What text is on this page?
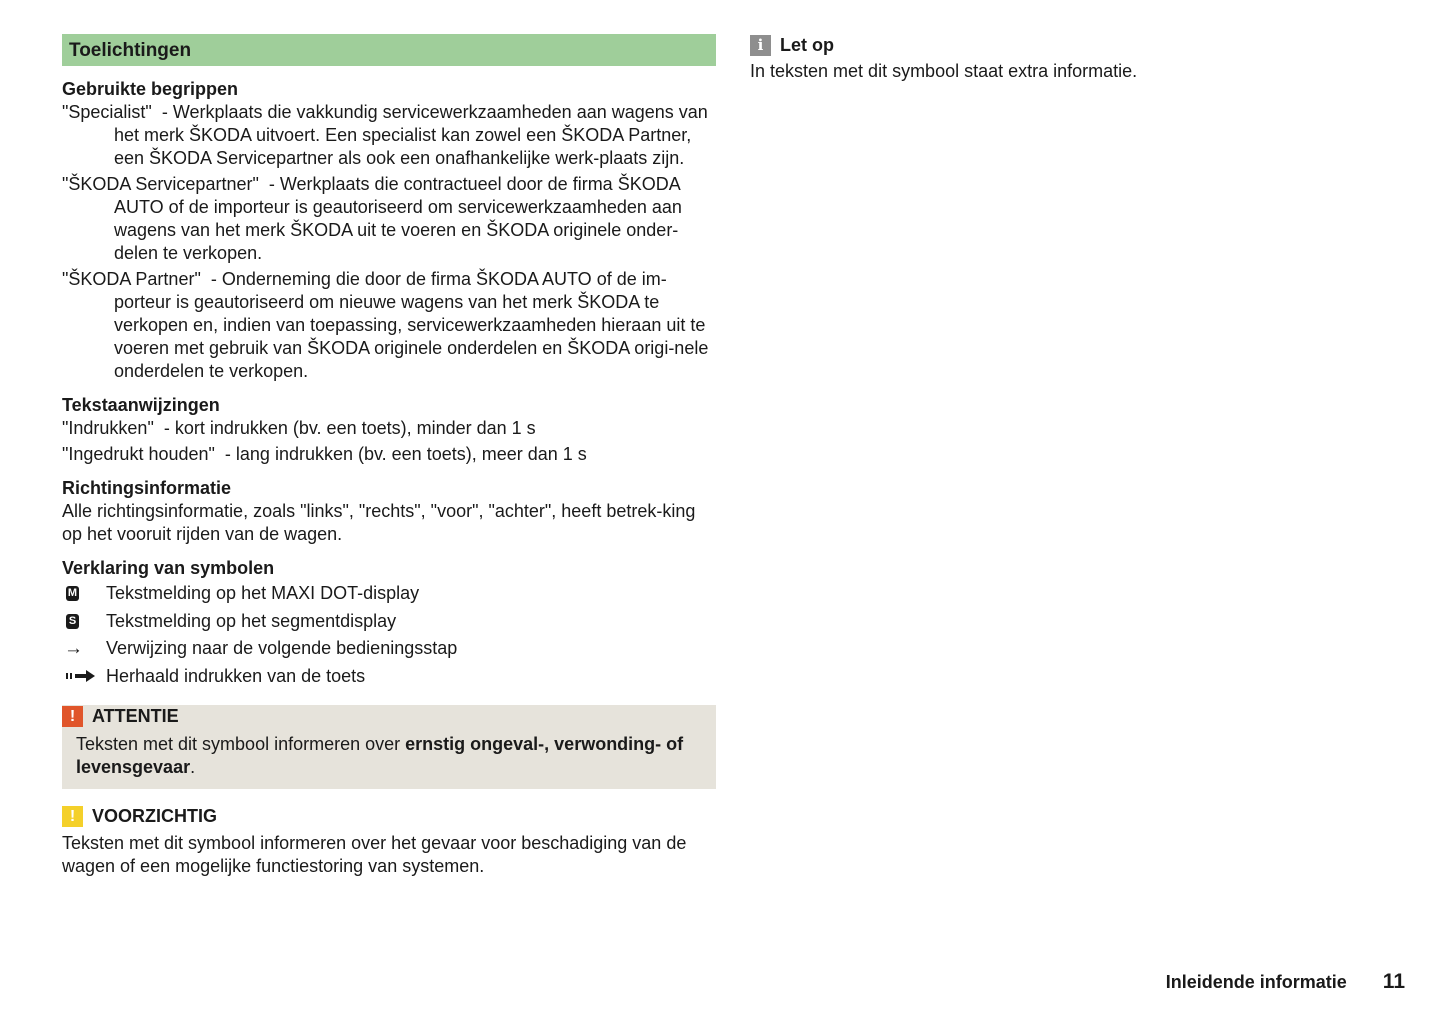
Toelichtingen
Gebruikte begrippen

"Specialist"  - Werkplaats die vakkundig servicewerkzaamheden aan wagens van het merk ŠKODA uitvoert. Een specialist kan zowel een ŠKODA Partner, een ŠKODA Servicepartner als ook een onafhankelijke werk-plaats zijn.

"ŠKODA Servicepartner"  - Werkplaats die contractueel door de firma ŠKODA AUTO of de importeur is geautoriseerd om servicewerkzaamheden aan wagens van het merk ŠKODA uit te voeren en ŠKODA originele onder-delen te verkopen.

"ŠKODA Partner"  - Onderneming die door de firma ŠKODA AUTO of de im-porteur is geautoriseerd om nieuwe wagens van het merk ŠKODA te verkopen en, indien van toepassing, servicewerkzaamheden hieraan uit te voeren met gebruik van ŠKODA originele onderdelen en ŠKODA origi-nele onderdelen te verkopen.

Tekstaanwijzingen

"Indrukken"  - kort indrukken (bv. een toets), minder dan 1 s

"Ingedrukt houden"  - lang indrukken (bv. een toets), meer dan 1 s

Richtingsinformatie

Alle richtingsinformatie, zoals "links", "rechts", "voor", "achter", heeft betrek-king op het vooruit rijden van de wagen.

Verklaring van symbolen
M Tekstmelding op het MAXI DOT-display
S Tekstmelding op het segmentdisplay
→ Verwijzing naar de volgende bedieningsstap
Herhaald indrukken van de toets
! ATTENTIE

Teksten met dit symbool informeren over ernstig ongeval-, verwonding- of levensgevaar.

! VOORZICHTIG

Teksten met dit symbool informeren over het gevaar voor beschadiging van de wagen of een mogelijke functiestoring van systemen.

i Let op

In teksten met dit symbool staat extra informatie.

Inleidende informatie 11
